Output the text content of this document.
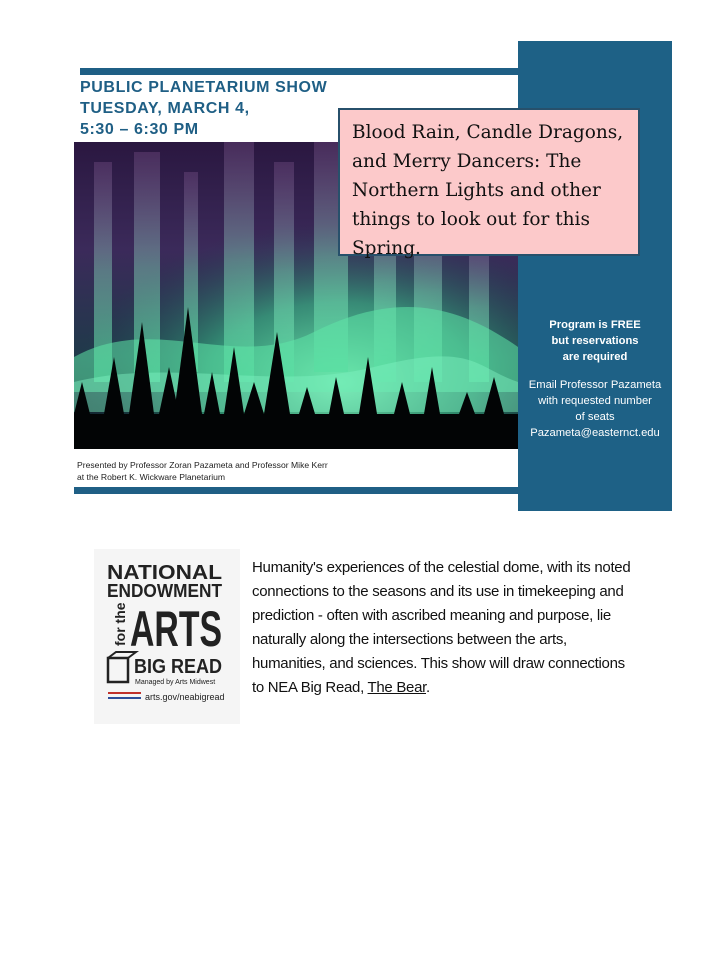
PUBLIC PLANETARIUM SHOW
TUESDAY, MARCH 4,
5:30 – 6:30 PM
Presented by Professor Zoran Pazameta and Professor Mike Kerr
at the Robert K. Wickware Planetarium
Blood Rain, Candle Dragons,
and Merry Dancers: The
Northern Lights and other
things to look out for this
Spring.
Program is FREE
but reservations
are required
Email Professor Pazameta
with requested number
of seats
Pazameta@easternct.edu
NATIONAL
ENDOWMENT
for the ARTS
BIG READ
Managed by Arts Midwest
arts.gov/neabigread
Humanity's experiences of the celestial dome, with its noted
connections to the seasons and its use in timekeeping and
prediction - often with ascribed meaning and purpose, lie
naturally along the intersections between the arts,
humanities, and sciences. This show will draw connections
to NEA Big Read, The Bear.
